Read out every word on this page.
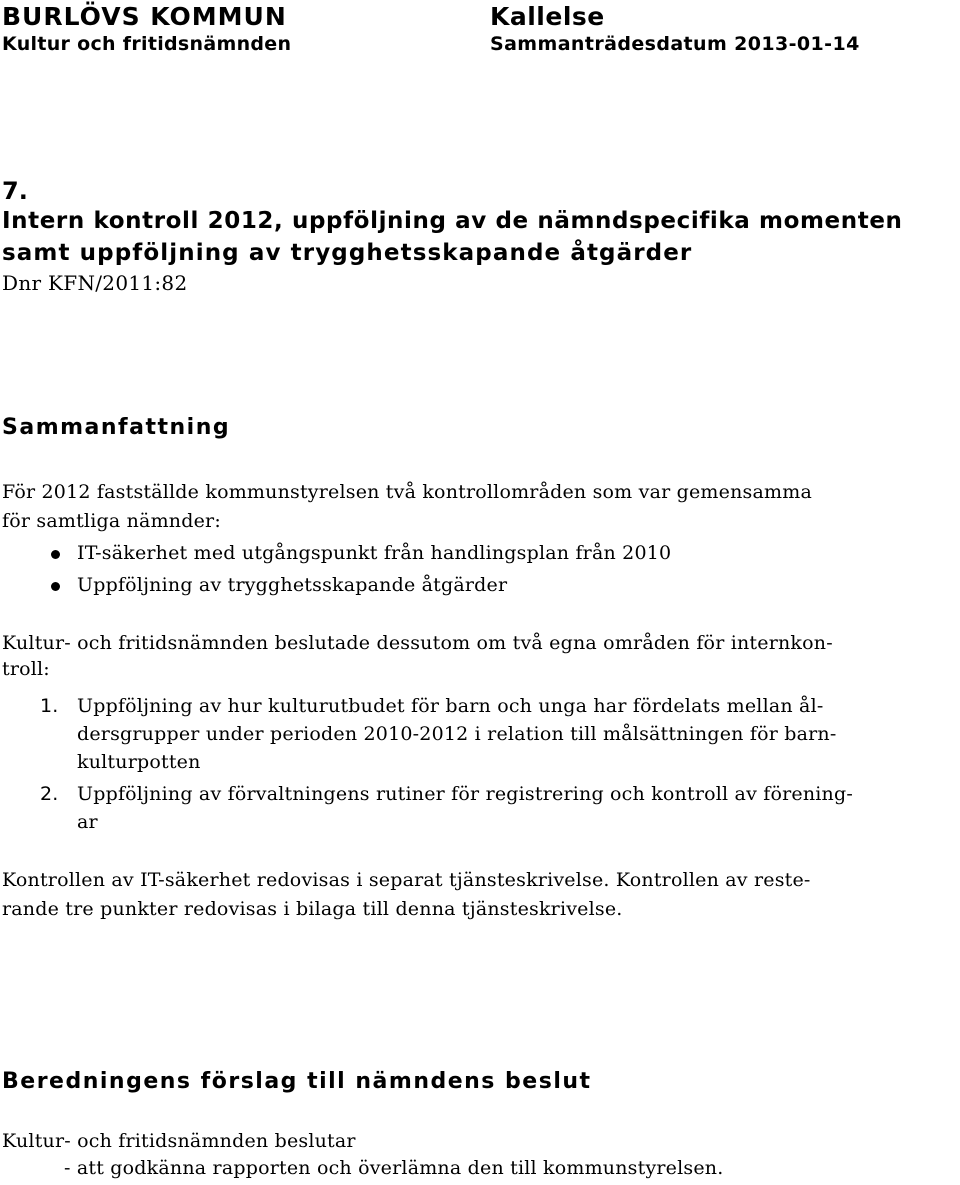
BURLÖVS KOMMUN
Kultur och fritidsnämnden
Kallelse
Sammanträdesdatum 2013-01-14
7.
Intern kontroll 2012, uppföljning av de nämndspecifika momenten
samt uppföljning av trygghetsskapande åtgärder
Dnr KFN/2011:82
Sammanfattning
För 2012 fastställde kommunstyrelsen två kontrollområden som var gemensamma
för samtliga nämnder:
IT-säkerhet med utgångspunkt från handlingsplan från 2010
Uppföljning av trygghetsskapande åtgärder
Kultur- och fritidsnämnden beslutade dessutom om två egna områden för internkon-
troll:
1. Uppföljning av hur kulturutbudet för barn och unga har fördelats mellan ål-
dersgrupper under perioden 2010-2012 i relation till målsättningen för barn-
kulturpotten
2. Uppföljning av förvaltningens rutiner för registrering och kontroll av förening-
ar
Kontrollen av IT-säkerhet redovisas i separat tjänsteskrivelse. Kontrollen av reste-
rande tre punkter redovisas i bilaga till denna tjänsteskrivelse.
Beredningens förslag till nämndens beslut
Kultur- och fritidsnämnden beslutar
- att godkänna rapporten och överlämna den till kommunstyrelsen.
